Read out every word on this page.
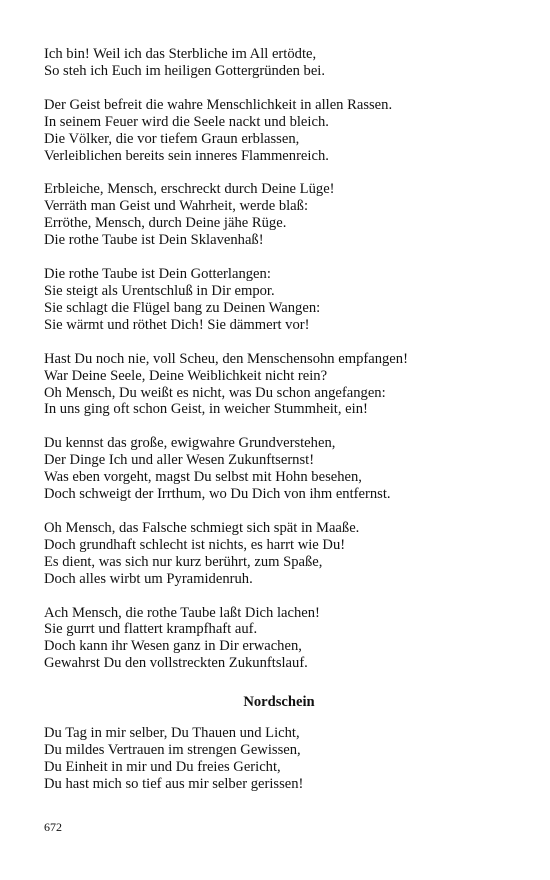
Ich bin! Weil ich das Sterbliche im All ertödte,
So steh ich Euch im heiligen Gottergründen bei.
Der Geist befreit die wahre Menschlichkeit in allen Rassen.
In seinem Feuer wird die Seele nackt und bleich.
Die Völker, die vor tiefem Graun erblassen,
Verleiblichen bereits sein inneres Flammenreich.
Erbleiche, Mensch, erschreckt durch Deine Lüge!
Verräth man Geist und Wahrheit, werde blaß:
Erröthe, Mensch, durch Deine jähe Rüge.
Die rothe Taube ist Dein Sklavenhaß!
Die rothe Taube ist Dein Gotterlangen:
Sie steigt als Urentschluß in Dir empor.
Sie schlagt die Flügel bang zu Deinen Wangen:
Sie wärmt und röthet Dich! Sie dämmert vor!
Hast Du noch nie, voll Scheu, den Menschensohn empfangen!
War Deine Seele, Deine Weiblichkeit nicht rein?
Oh Mensch, Du weißt es nicht, was Du schon angefangen:
In uns ging oft schon Geist, in weicher Stummheit, ein!
Du kennst das große, ewigwahre Grundverstehen,
Der Dinge Ich und aller Wesen Zukunftsernst!
Was eben vorgeht, magst Du selbst mit Hohn besehen,
Doch schweigt der Irrthum, wo Du Dich von ihm entfernst.
Oh Mensch, das Falsche schmiegt sich spät in Maaße.
Doch grundhaft schlecht ist nichts, es harrt wie Du!
Es dient, was sich nur kurz berührt, zum Spaße,
Doch alles wirbt um Pyramidenruh.
Ach Mensch, die rothe Taube laßt Dich lachen!
Sie gurrt und flattert krampfhaft auf.
Doch kann ihr Wesen ganz in Dir erwachen,
Gewahrst Du den vollstreckten Zukunftslauf.
Nordschein
Du Tag in mir selber, Du Thauen und Licht,
Du mildes Vertrauen im strengen Gewissen,
Du Einheit in mir und Du freies Gericht,
Du hast mich so tief aus mir selber gerissen!
672
